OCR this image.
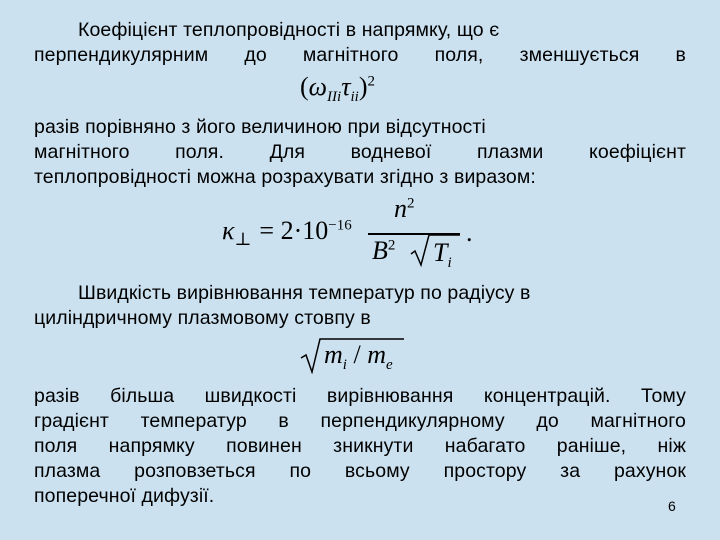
Коефіцієнт теплопровідності в напрямку, що є
перпендикулярним до магнітного поля, зменшується в
$(\omega_{IIi}\tau_{ii})^2$
разів порівняно з його величиною при відсутності
магнітного поля. Для водневої плазми коефіцієнт
теплопровідності можна розрахувати згідно з виразом:
$\kappa_\perp = 2\cdot 10^{-16}$
$n^2$
$B^2$ $T_i$
.
Швидкість вирівнювання температур по радіусу в
циліндричному плазмовому стовпу в
$m_i / m_e$
разів більша швидкості вирівнювання концентрацій. Тому
градієнт температур в перпендикулярному до магнітного
поля напрямку повинен зникнути набагато раніше, ніж
плазма розповзеться по всьому простору за рахунок
поперечної дифузії.	6
